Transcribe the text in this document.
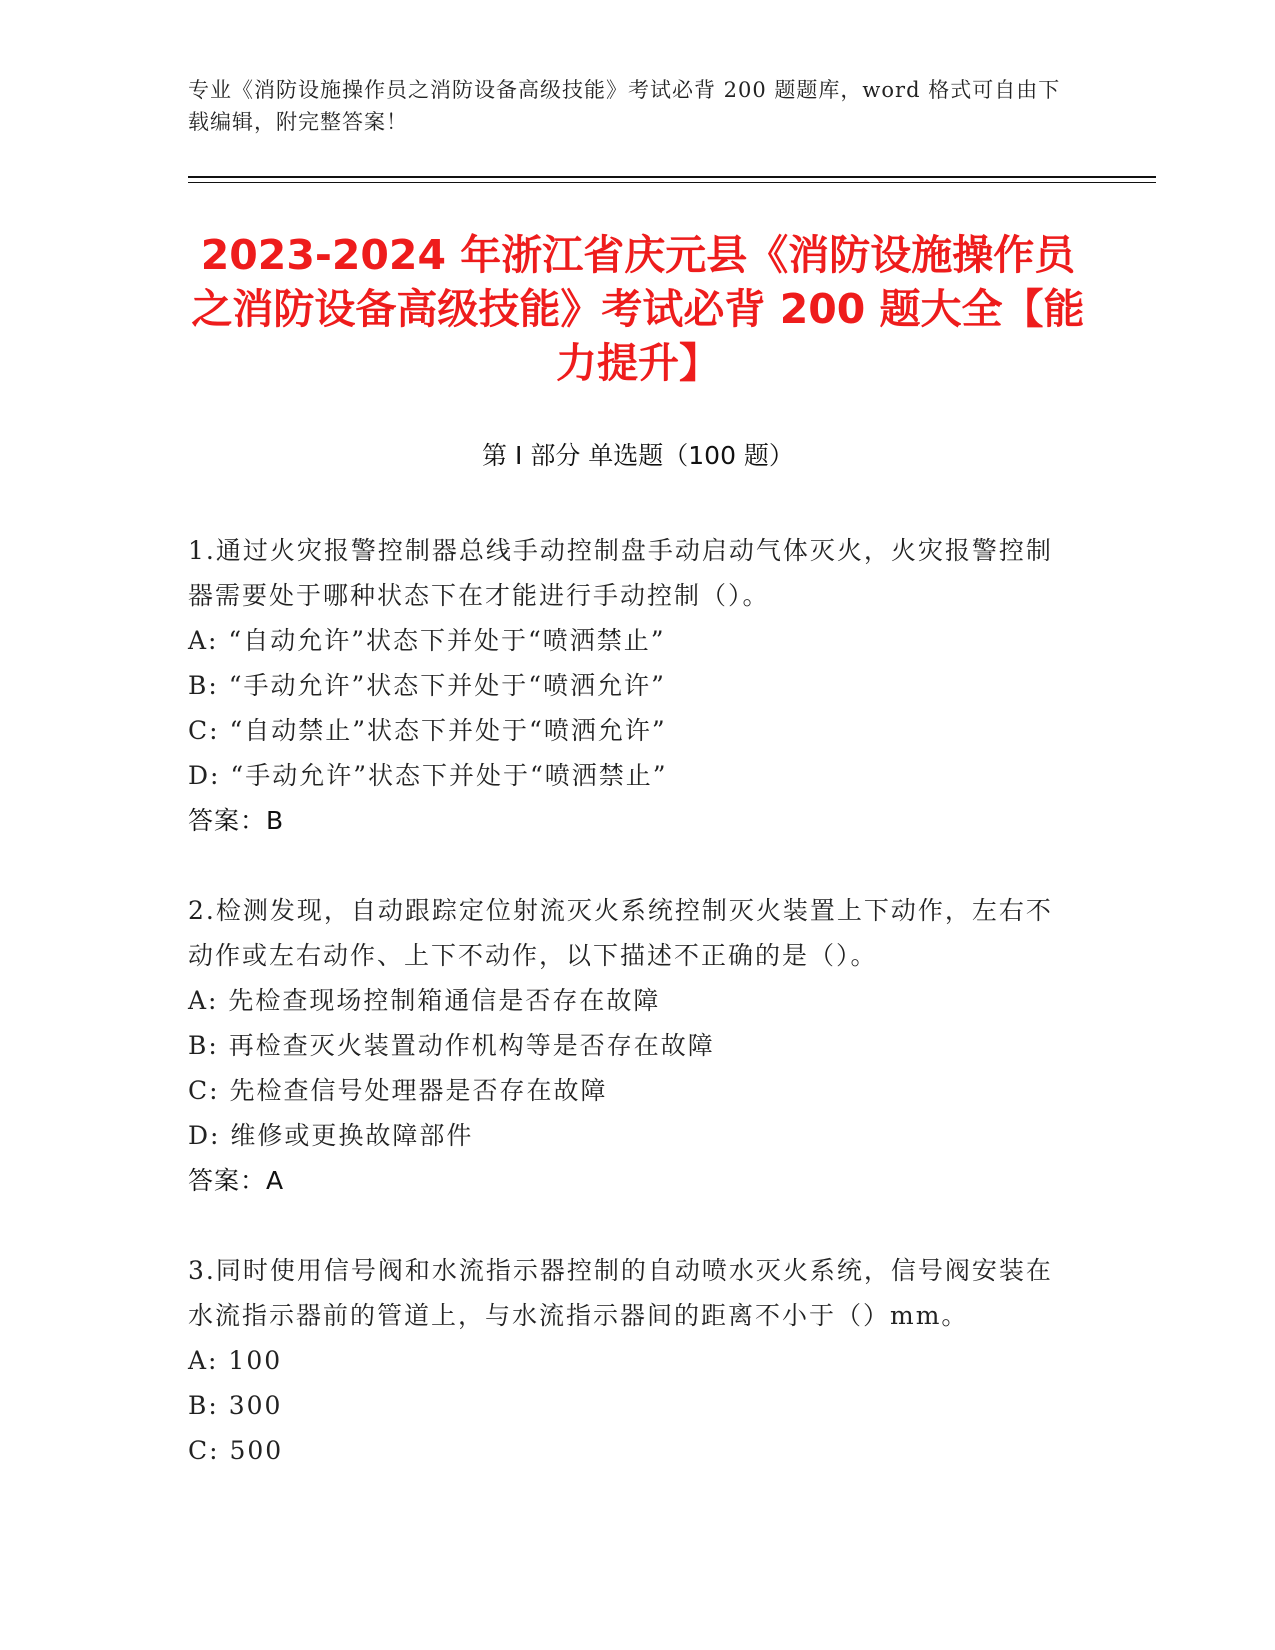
专业《消防设施操作员之消防设备高级技能》考试必背 200 题题库，word 格式可自由下载编辑，附完整答案！
2023-2024 年浙江省庆元县《消防设施操作员之消防设备高级技能》考试必背 200 题大全【能力提升】
第 I 部分 单选题（100 题）
1.通过火灾报警控制器总线手动控制盘手动启动气体灭火，火灾报警控制器需要处于哪种状态下在才能进行手动控制（）。
A: “自动允许”状态下并处于“喷洒禁止”
B: “手动允许”状态下并处于“喷洒允许”
C: “自动禁止”状态下并处于“喷洒允许”
D: “手动允许”状态下并处于“喷洒禁止”
答案：B
2.检测发现，自动跟踪定位射流灭火系统控制灭火装置上下动作，左右不动作或左右动作、上下不动作，以下描述不正确的是（）。
A: 先检查现场控制箱通信是否存在故障
B: 再检查灭火装置动作机构等是否存在故障
C: 先检查信号处理器是否存在故障
D: 维修或更换故障部件
答案：A
3.同时使用信号阀和水流指示器控制的自动喷水灭火系统，信号阀安装在水流指示器前的管道上，与水流指示器间的距离不小于（）mm。
A: 100
B: 300
C: 500
